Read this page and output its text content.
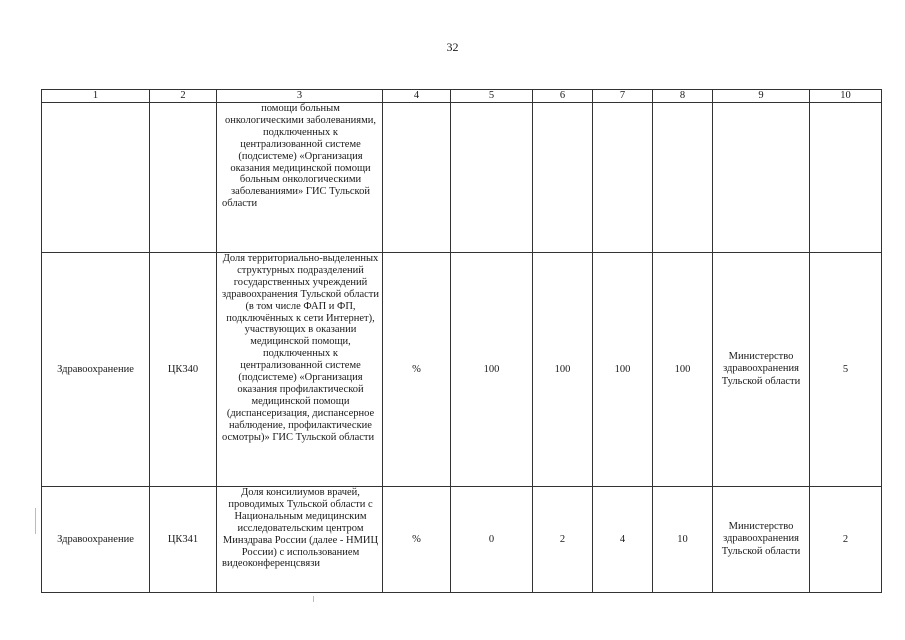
32
1	2	3	4	5	6	7	8	9	10
		помощи больным онкологическими заболеваниями, подключенных к централизованной системе (подсистеме) «Организация оказания медицинской помощи больным онкологическими заболеваниями» ГИС Тульской области							
Здравоохранение	ЦК340	Доля территориально-выделенных структурных подразделений государственных учреждений здравоохранения Тульской области (в том числе ФАП и ФП, подключённых к сети Интернет), участвующих в оказании медицинской помощи, подключенных к централизованной системе (подсистеме) «Организация оказания профилактической медицинской помощи (диспансеризация, диспансерное наблюдение, профилактические осмотры)» ГИС Тульской области	%	100	100	100	100	Министерство здравоохранения Тульской области	5
Здравоохранение	ЦК341	Доля консилиумов врачей, проводимых Тульской области с Национальным медицинским исследовательским центром Минздрава России (далее - НМИЦ России) с использованием видеоконференцсвязи	%	0	2	4	10	Министерство здравоохранения Тульской области	2
